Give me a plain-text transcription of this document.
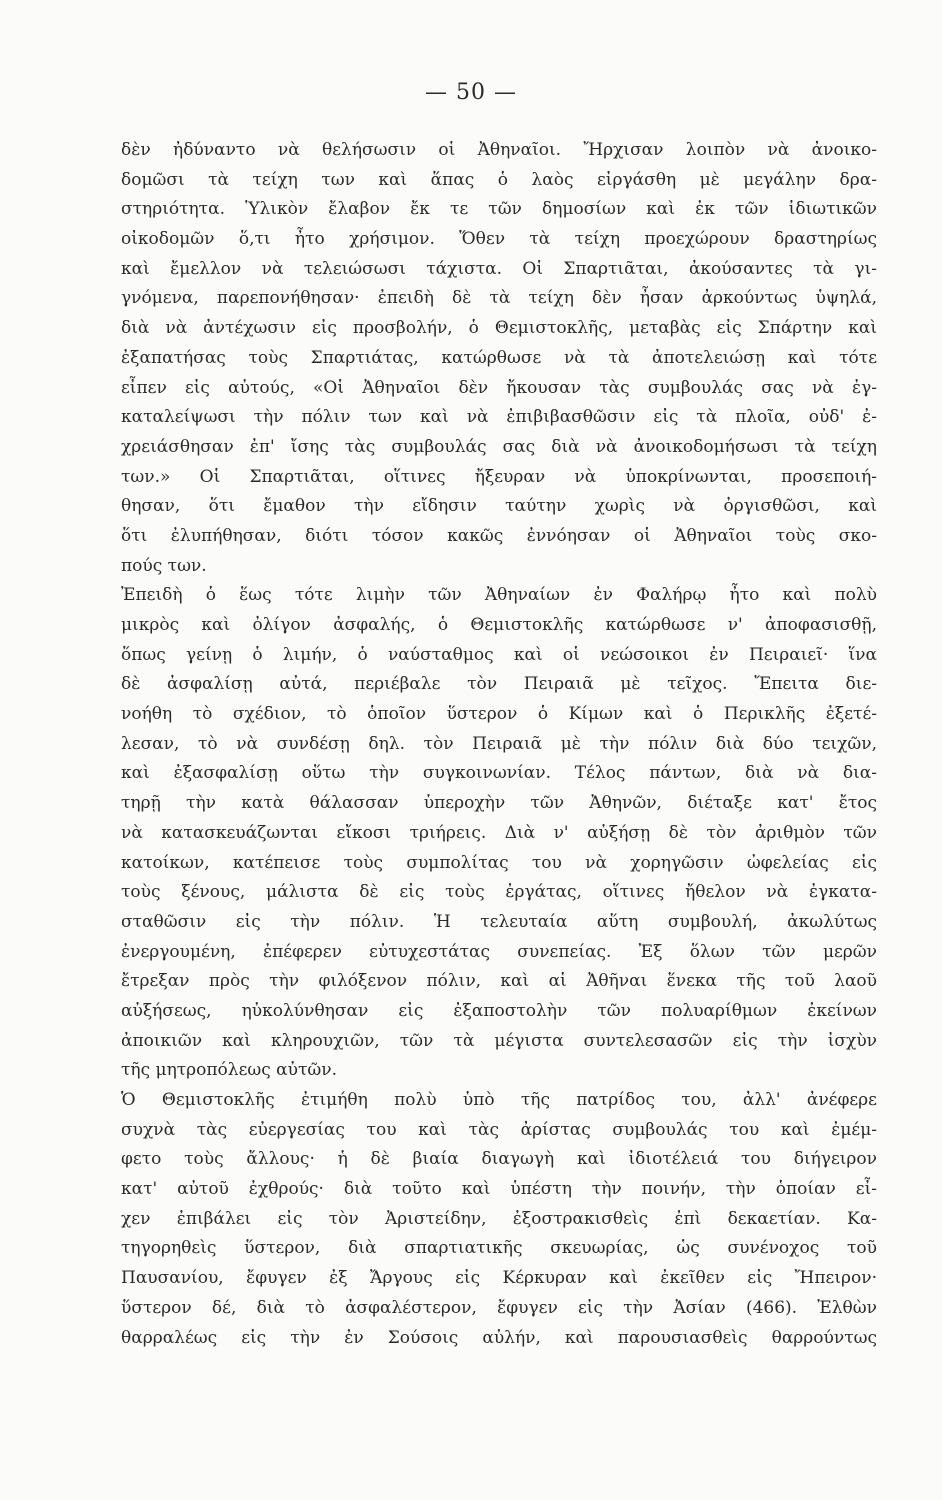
— 50 —
δὲν ἠδύναντο νὰ θελήσωσιν οἱ Ἀθηναῖοι. Ἤρχισαν λοιπὸν νὰ ἀνοικο-
δομῶσι τὰ τείχη των καὶ ἅπας ὁ λαὸς εἰργάσθη μὲ μεγάλην δρα-
στηριότητα. Ὑλικὸν ἔλαβον ἔκ τε τῶν δημοσίων καὶ ἐκ τῶν ἰδιωτικῶν
οἰκοδομῶν ὅ,τι ἦτο χρήσιμον. Ὅθεν τὰ τείχη προεχώρουν δραστηρίως
καὶ ἔμελλον νὰ τελειώσωσι τάχιστα. Οἱ Σπαρτιᾶται, ἀκούσαντες τὰ γι-
γνόμενα, παρεπονήθησαν· ἐπειδὴ δὲ τὰ τείχη δὲν ἦσαν ἀρκούντως ὑψηλά,
διὰ νὰ ἀντέχωσιν εἰς προσβολήν, ὁ Θεμιστοκλῆς, μεταβὰς εἰς Σπάρτην καὶ
ἐξαπατήσας τοὺς Σπαρτιάτας, κατώρθωσε νὰ τὰ ἀποτελειώσῃ καὶ τότε
εἶπεν εἰς αὐτούς, «Οἱ Ἀθηναῖοι δὲν ἤκουσαν τὰς συμβουλάς σας νὰ ἐγ-
καταλείψωσι τὴν πόλιν των καὶ νὰ ἐπιβιβασθῶσιν εἰς τὰ πλοῖα, οὐδ' ἐ-
χρειάσθησαν ἐπ' ἴσης τὰς συμβουλάς σας διὰ νὰ ἀνοικοδομήσωσι τὰ τείχη
των.» Οἱ Σπαρτιᾶται, οἵτινες ἤξευραν νὰ ὑποκρίνωνται, προσεποιή-
θησαν, ὅτι ἔμαθον τὴν εἴδησιν ταύτην χωρὶς νὰ ὀργισθῶσι, καὶ
ὅτι ἐλυπήθησαν, διότι τόσον κακῶς ἐννόησαν οἱ Ἀθηναῖοι τοὺς σκο-
πούς των.
Ἐπειδὴ ὁ ἕως τότε λιμὴν τῶν Ἀθηναίων ἐν Φαλήρῳ ἦτο καὶ πολὺ
μικρὸς καὶ ὀλίγον ἀσφαλής, ὁ Θεμιστοκλῆς κατώρθωσε ν' ἀποφασισθῇ,
ὅπως γείνῃ ὁ λιμήν, ὁ ναύσταθμος καὶ οἱ νεώσοικοι ἐν Πειραιεῖ· ἵνα
δὲ ἀσφαλίσῃ αὐτά, περιέβαλε τὸν Πειραιᾶ μὲ τεῖχος. Ἔπειτα διε-
νοήθη τὸ σχέδιον, τὸ ὁποῖον ὕστερον ὁ Κίμων καὶ ὁ Περικλῆς ἐξετέ-
λεσαν, τὸ νὰ συνδέσῃ δηλ. τὸν Πειραιᾶ μὲ τὴν πόλιν διὰ δύο τειχῶν,
καὶ ἐξασφαλίσῃ οὕτω τὴν συγκοινωνίαν. Τέλος πάντων, διὰ νὰ δια-
τηρῇ τὴν κατὰ θάλασσαν ὑπεροχὴν τῶν Ἀθηνῶν, διέταξε κατ' ἔτος
νὰ κατασκευάζωνται εἴκοσι τριήρεις. Διὰ ν' αὐξήσῃ δὲ τὸν ἀριθμὸν τῶν
κατοίκων, κατέπεισε τοὺς συμπολίτας του νὰ χορηγῶσιν ὠφελείας εἰς
τοὺς ξένους, μάλιστα δὲ εἰς τοὺς ἐργάτας, οἵτινες ἤθελον νὰ ἐγκατα-
σταθῶσιν εἰς τὴν πόλιν. Ἡ τελευταία αὕτη συμβουλή, ἀκωλύτως
ἐνεργουμένη, ἐπέφερεν εὐτυχεστάτας συνεπείας. Ἐξ ὅλων τῶν μερῶν
ἔτρεξαν πρὸς τὴν φιλόξενον πόλιν, καὶ αἱ Ἀθῆναι ἕνεκα τῆς τοῦ λαοῦ
αὐξήσεως, ηὐκολύνθησαν εἰς ἐξαποστολὴν τῶν πολυαρίθμων ἐκείνων
ἀποικιῶν καὶ κληρουχιῶν, τῶν τὰ μέγιστα συντελεσασῶν εἰς τὴν ἰσχὺν
τῆς μητροπόλεως αὐτῶν.
Ὁ Θεμιστοκλῆς ἐτιμήθη πολὺ ὑπὸ τῆς πατρίδος του, ἀλλ' ἀνέφερε
συχνὰ τὰς εὐεργεσίας του καὶ τὰς ἀρίστας συμβουλάς του καὶ ἐμέμ-
φετο τοὺς ἄλλους· ἡ δὲ βιαία διαγωγὴ καὶ ἰδιοτέλειά του διήγειρον
κατ' αὐτοῦ ἐχθρούς· διὰ τοῦτο καὶ ὑπέστη τὴν ποινήν, τὴν ὁποίαν εἶ-
χεν ἐπιβάλει εἰς τὸν Ἀριστείδην, ἐξοστρακισθεὶς ἐπὶ δεκαετίαν. Κα-
τηγορηθεὶς ὕστερον, διὰ σπαρτιατικῆς σκευωρίας, ὡς συνένοχος τοῦ
Παυσανίου, ἔφυγεν ἐξ Ἄργους εἰς Κέρκυραν καὶ ἐκεῖθεν εἰς Ἤπειρον·
ὕστερον δέ, διὰ τὸ ἀσφαλέστερον, ἔφυγεν εἰς τὴν Ἀσίαν (466). Ἐλθὼν
θαρραλέως εἰς τὴν ἐν Σούσοις αὐλήν, καὶ παρουσιασθεὶς θαρρούντως
